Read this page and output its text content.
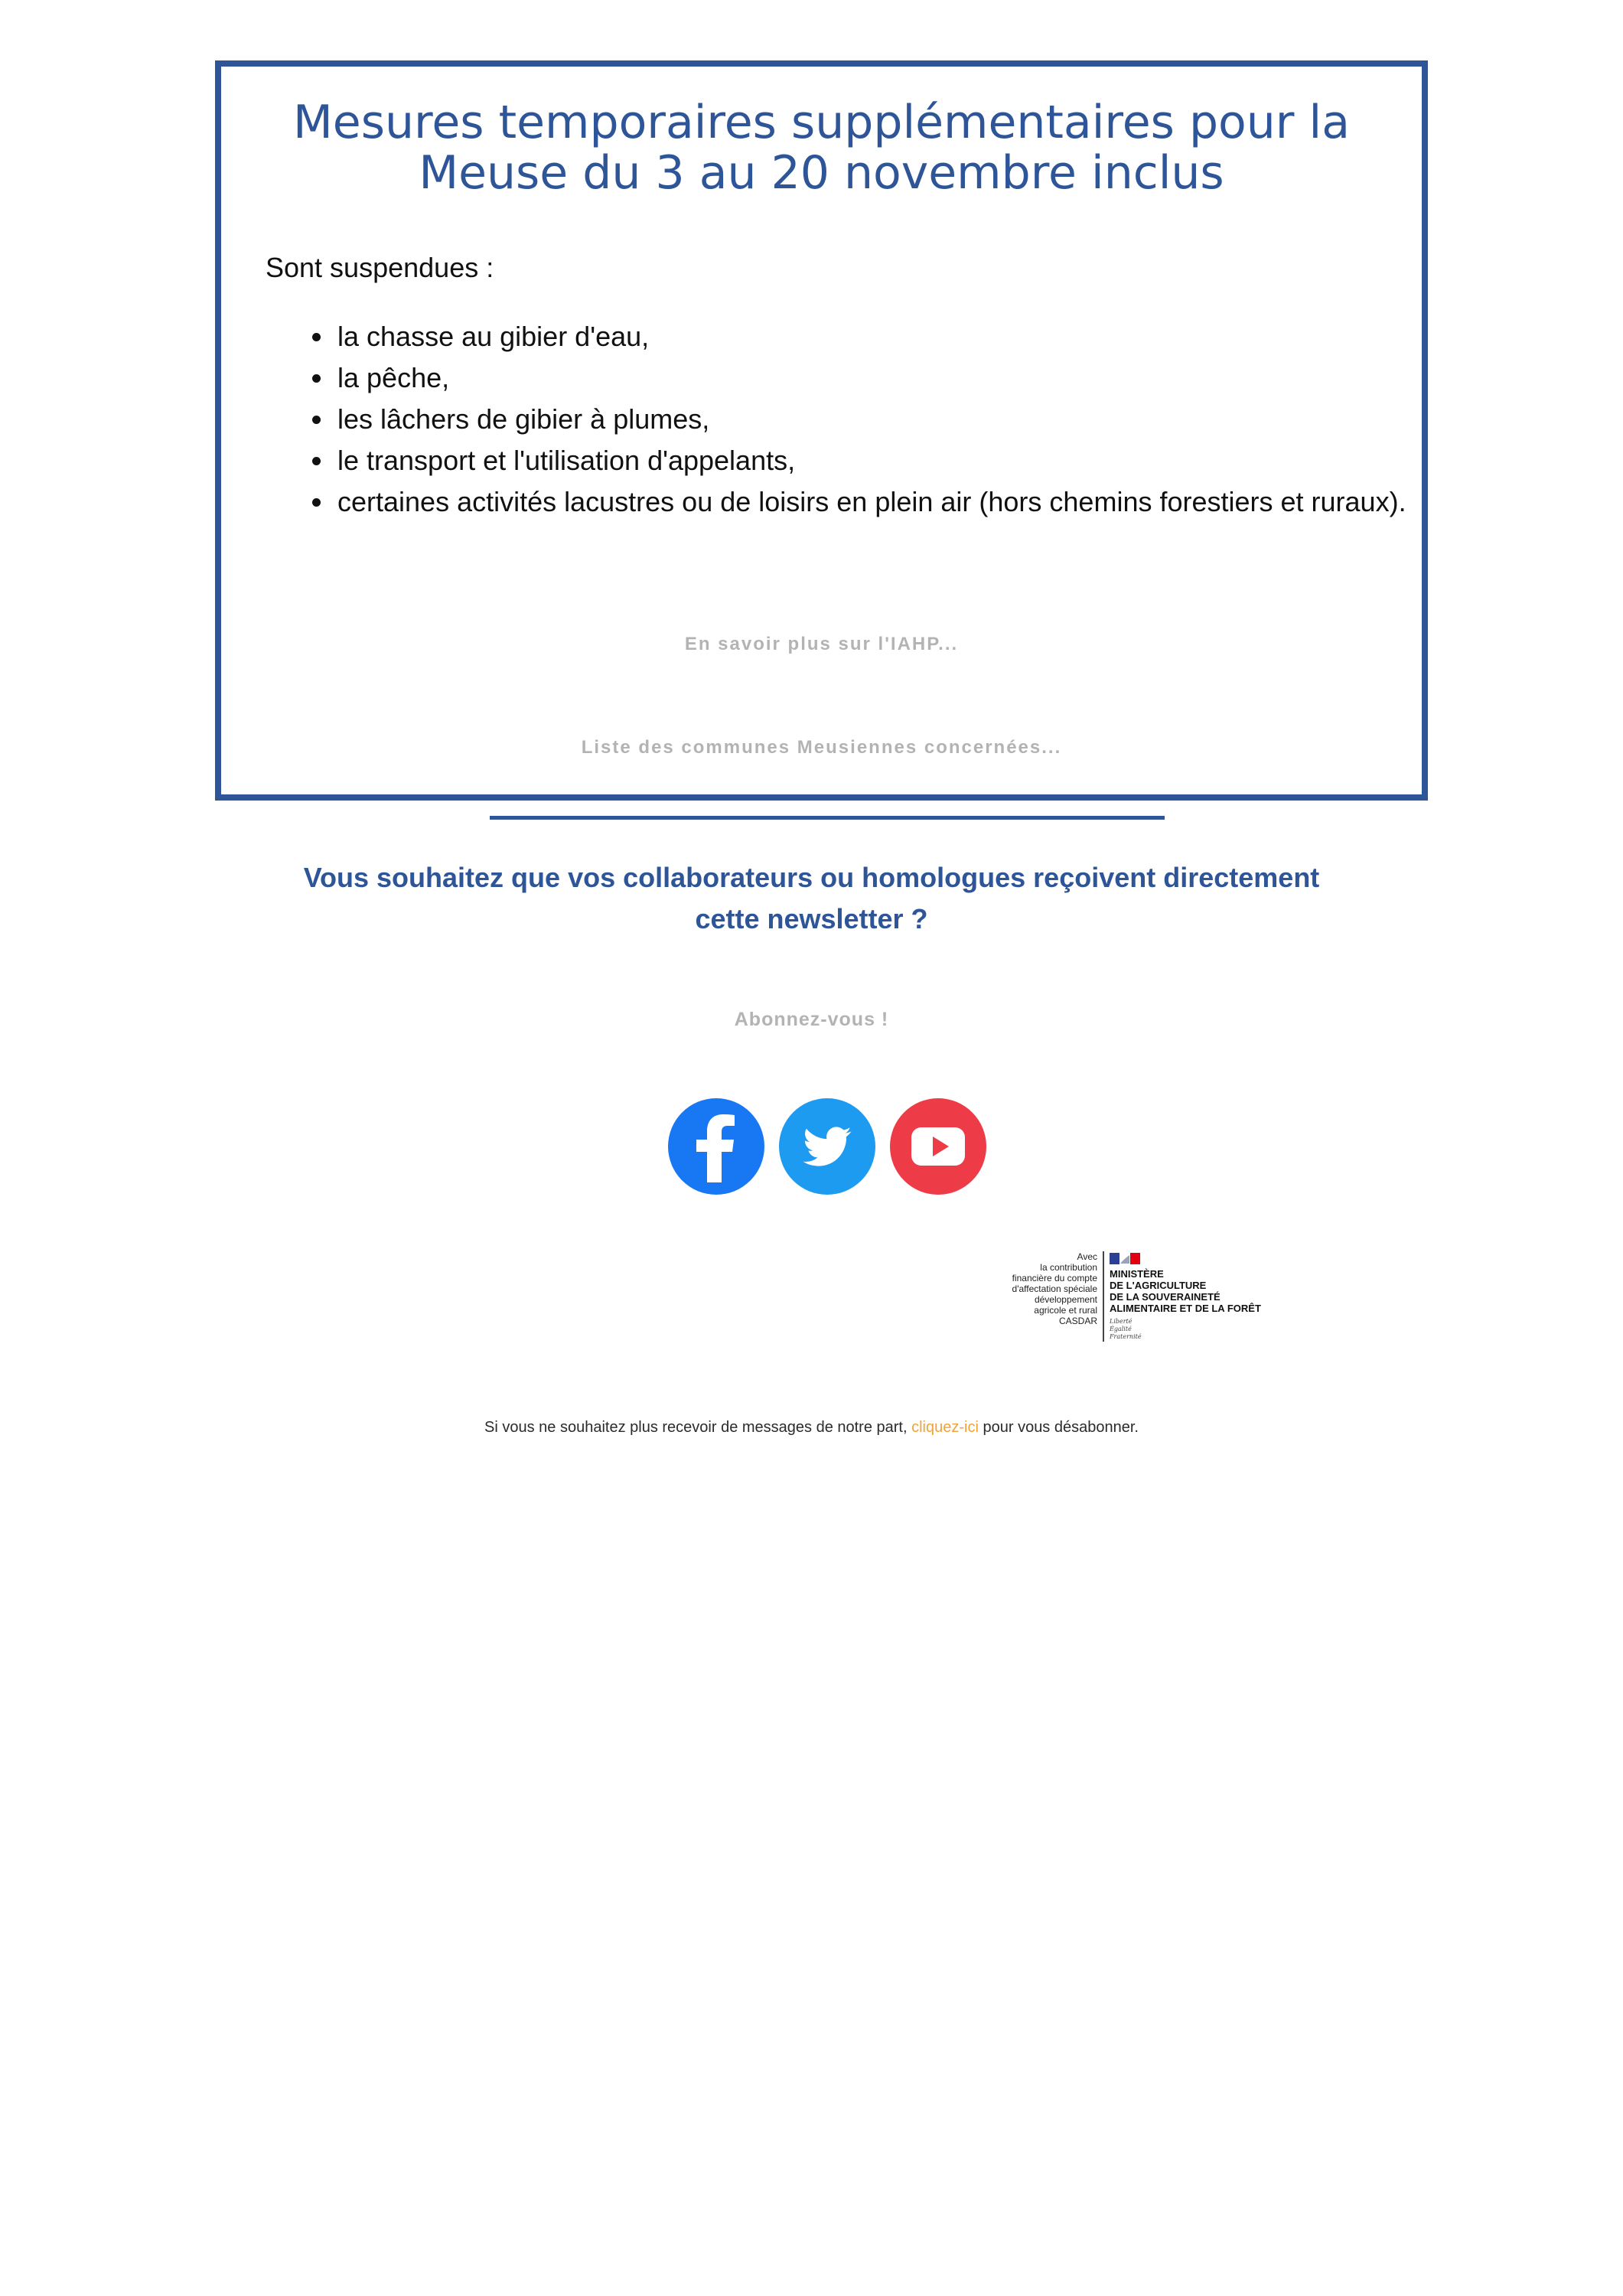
Mesures temporaires supplémentaires pour la
Meuse du 3 au 20 novembre inclus

Sont suspendues :

• la chasse au gibier d'eau,
• la pêche,
• les lâchers de gibier à plumes,
• le transport et l'utilisation d'appelants,
• certaines activités lacustres ou de loisirs en plein air (hors chemins forestiers et ruraux).
En savoir plus sur l'IAHP...
Liste des communes Meusiennes concernées...
Vous souhaitez que vos collaborateurs ou homologues reçoivent directement
cette newsletter ?
Abonnez-vous !
Avec
la contribution
financière du compte
d'affectation spéciale
développement
agricole et rural
CASDAR
MINISTÈRE
DE L'AGRICULTURE
DE LA SOUVERAINETÉ
ALIMENTAIRE ET DE LA FORÊT
Liberté
Égalité
Fraternité

Si vous ne souhaitez plus recevoir de messages de notre part, cliquez-ici pour vous désabonner.
